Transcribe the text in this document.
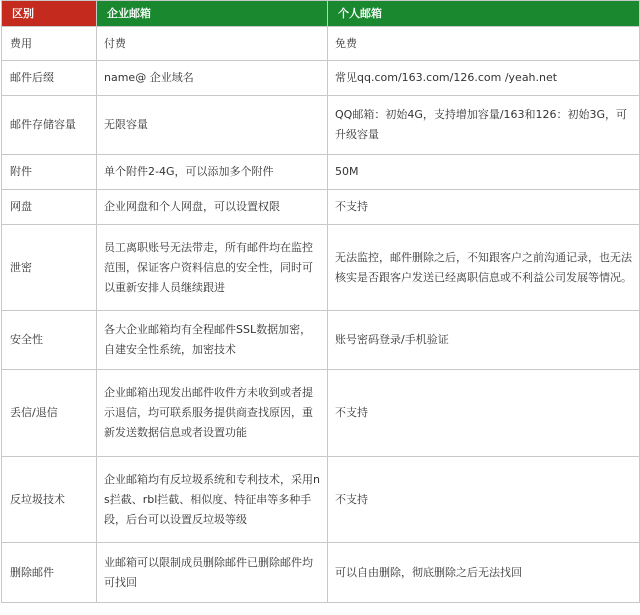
区别	企业邮箱	个人邮箱
费用	付费	免费
邮件后缀	name@ 企业域名	常见qq.com/163.com/126.com /yeah.net
邮件存储容量	无限容量	QQ邮箱：初始4G，支持增加容量/163和126：初始3G，可升级容量
附件	单个附件2-4G，可以添加多个附件	50M
网盘	企业网盘和个人网盘，可以设置权限	不支持
泄密	员工离职账号无法带走，所有邮件均在监控范围，保证客户资料信息的安全性，同时可以重新安排人员继续跟进	无法监控，邮件删除之后，不知跟客户之前沟通记录，也无法核实是否跟客户发送已经离职信息或不利益公司发展等情况。
安全性	各大企业邮箱均有全程邮件SSL数据加密，自建安全性系统，加密技术	账号密码登录/手机验证
丢信/退信	企业邮箱出现发出邮件收件方未收到或者提示退信，均可联系服务提供商查找原因，重新发送数据信息或者设置功能	不支持
反垃圾技术	企业邮箱均有反垃圾系统和专利技术，采用ns拦截、rbl拦截、相似度、特征串等多种手段，后台可以设置反垃圾等级	不支持
删除邮件	业邮箱可以限制成员删除邮件已删除邮件均可找回	可以自由删除，彻底删除之后无法找回
